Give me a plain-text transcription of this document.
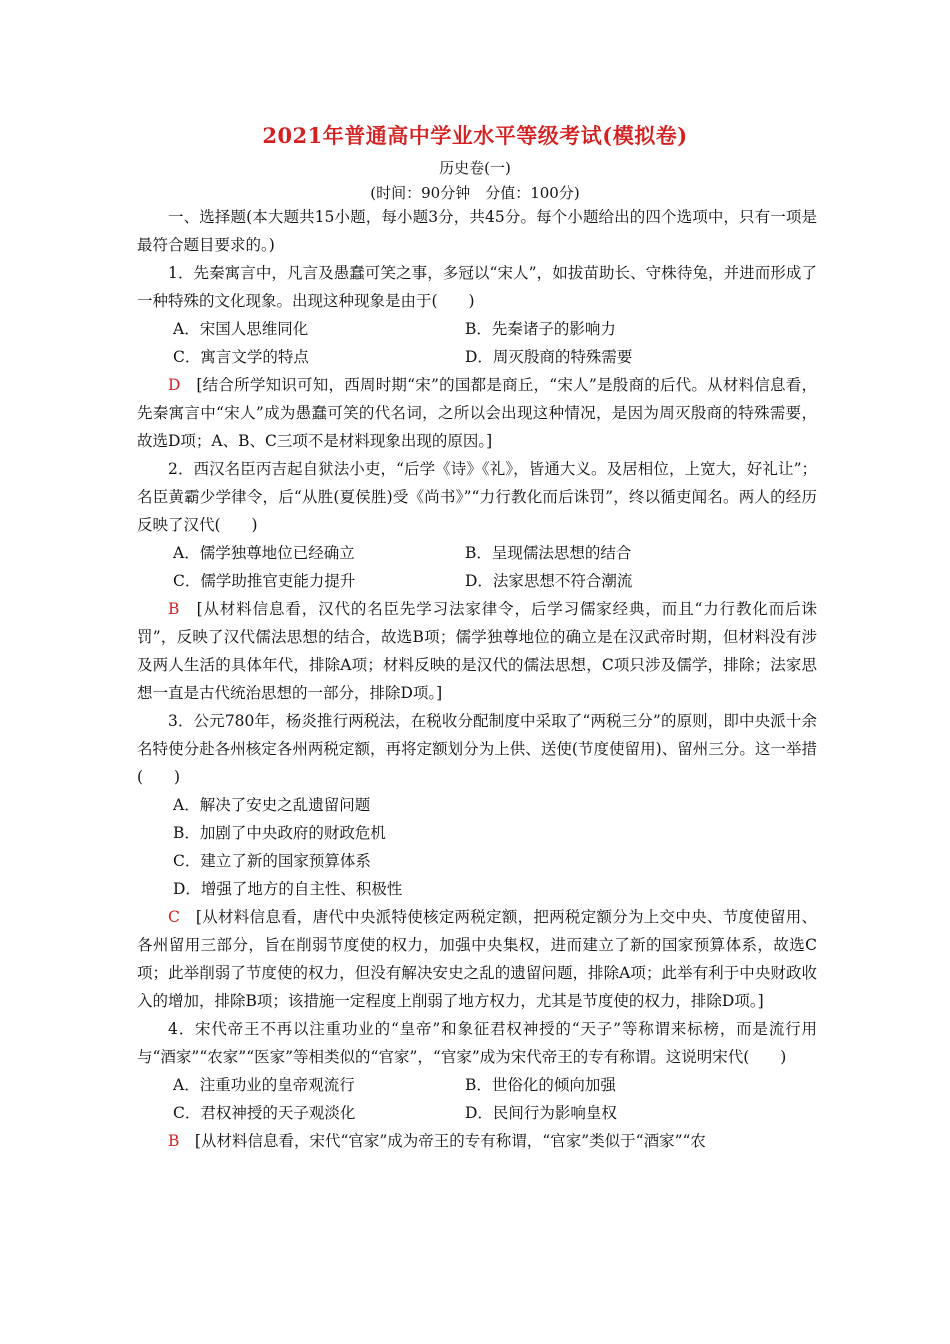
2021年普通高中学业水平等级考试(模拟卷)
历史卷(一)
(时间：90分钟　分值：100分)

一、选择题(本大题共15小题，每小题3分，共45分。每个小题给出的四个选项中，只有一项是最符合题目要求的。)

1．先秦寓言中，凡言及愚蠢可笑之事，多冠以“宋人”，如拔苗助长、守株待兔，并进而形成了一种特殊的文化现象。出现这种现象是由于(　　)

A．宋国人思维同化	B．先秦诸子的影响力
C．寓言文学的特点	D．周灭殷商的特殊需要

D　 [结合所学知识可知，西周时期“宋”的国都是商丘，“宋人”是殷商的后代。从材料信息看，先秦寓言中“宋人”成为愚蠢可笑的代名词，之所以会出现这种情况，是因为周灭殷商的特殊需要，故选D项；A、B、C三项不是材料现象出现的原因。]

2．西汉名臣丙吉起自狱法小吏，“后学《诗》《礼》，皆通大义。及居相位，上宽大，好礼让”；名臣黄霸少学律令，后“从胜(夏侯胜)受《尚书》”“力行教化而后诛罚”，终以循吏闻名。两人的经历反映了汉代(　　)

A．儒学独尊地位已经确立	B．呈现儒法思想的结合
C．儒学助推官吏能力提升	D．法家思想不符合潮流

B　 [从材料信息看，汉代的名臣先学习法家律令，后学习儒家经典，而且“力行教化而后诛罚”，反映了汉代儒法思想的结合，故选B项；儒学独尊地位的确立是在汉武帝时期，但材料没有涉及两人生活的具体年代，排除A项；材料反映的是汉代的儒法思想，C项只涉及儒学，排除；法家思想一直是古代统治思想的一部分，排除D项。]

3．公元780年，杨炎推行两税法，在税收分配制度中采取了“两税三分”的原则，即中央派十余名特使分赴各州核定各州两税定额，再将定额划分为上供、送使(节度使留用)、留州三分。这一举措(　　)

A．解决了安史之乱遗留问题
B．加剧了中央政府的财政危机
C．建立了新的国家预算体系
D．增强了地方的自主性、积极性

C　 [从材料信息看，唐代中央派特使核定两税定额，把两税定额分为上交中央、节度使留用、各州留用三部分，旨在削弱节度使的权力，加强中央集权，进而建立了新的国家预算体系，故选C项；此举削弱了节度使的权力，但没有解决安史之乱的遗留问题，排除A项；此举有利于中央财政收入的增加，排除B项；该措施一定程度上削弱了地方权力，尤其是节度使的权力，排除D项。]

4．宋代帝王不再以注重功业的“皇帝”和象征君权神授的“天子”等称谓来标榜，而是流行用与“酒家”“农家”“医家”等相类似的“官家”，“官家”成为宋代帝王的专有称谓。这说明宋代(　　)

A．注重功业的皇帝观流行	B．世俗化的倾向加强
C．君权神授的天子观淡化	D．民间行为影响皇权

B　 [从材料信息看，宋代“官家”成为帝王的专有称谓，“官家”类似于“酒家”“农
